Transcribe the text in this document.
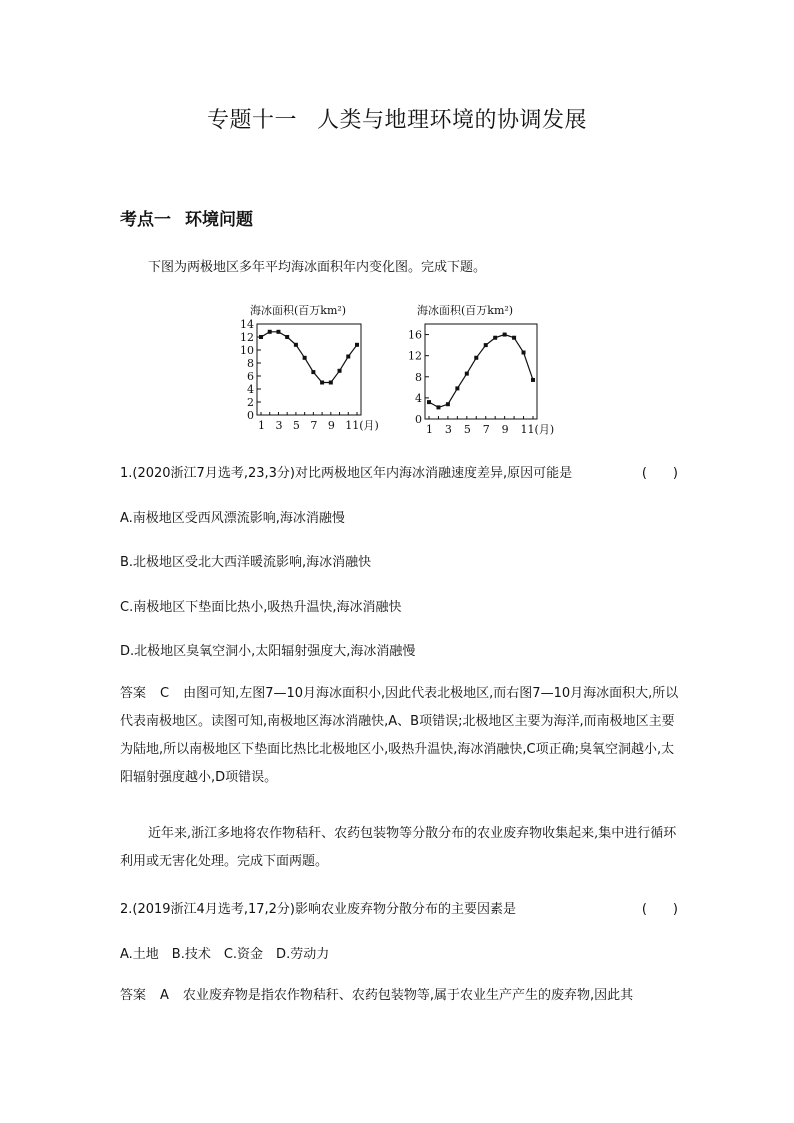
专题十一 人类与地理环境的协调发展
考点一 环境问题
下图为两极地区多年平均海冰面积年内变化图。完成下题。
海冰面积(百万km²)
0
2
4
6
8
10
12
14
1 3 5 7 9 11(月)
海冰面积(百万km²)
0
4
8
12
16
1 3 5 7 9 11(月)
1.(2020浙江7月选考,23,3分)对比两极地区年内海冰消融速度差异,原因可能是	(　　)
A.南极地区受西风漂流影响,海冰消融慢
B.北极地区受北大西洋暖流影响,海冰消融快
C.南极地区下垫面比热小,吸热升温快,海冰消融快
D.北极地区臭氧空洞小,太阳辐射强度大,海冰消融慢
答案 C 由图可知,左图7—10月海冰面积小,因此代表北极地区,而右图7—10月海冰面积大,所以代表南极地区。读图可知,南极地区海冰消融快,A、B项错误;北极地区主要为海洋,而南极地区主要为陆地,所以南极地区下垫面比热比北极地区小,吸热升温快,海冰消融快,C项正确;臭氧空洞越小,太阳辐射强度越小,D项错误。
近年来,浙江多地将农作物秸秆、农药包装物等分散分布的农业废弃物收集起来,集中进行循环利用或无害化处理。完成下面两题。
2.(2019浙江4月选考,17,2分)影响农业废弃物分散分布的主要因素是	(　　)
A.土地　B.技术　C.资金　D.劳动力
答案 A 农业废弃物是指农作物秸秆、农药包装物等,属于农业生产产生的废弃物,因此其
